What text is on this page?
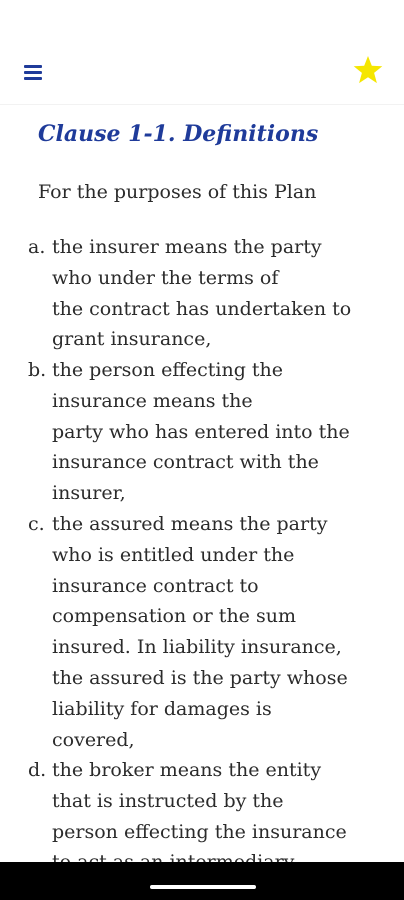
Clause 1-1. Definitions

For the purposes of this Plan

a. the insurer means the party
who under the terms of
the contract has undertaken to
grant insurance,
b. the person effecting the
insurance means the
party who has entered into the
insurance contract with the
insurer,
c. the assured means the party
who is entitled under the
insurance contract to
compensation or the sum
insured. In liability insurance,
the assured is the party whose
liability for damages is
covered,
d. the broker means the entity
that is instructed by the
person effecting the insurance
